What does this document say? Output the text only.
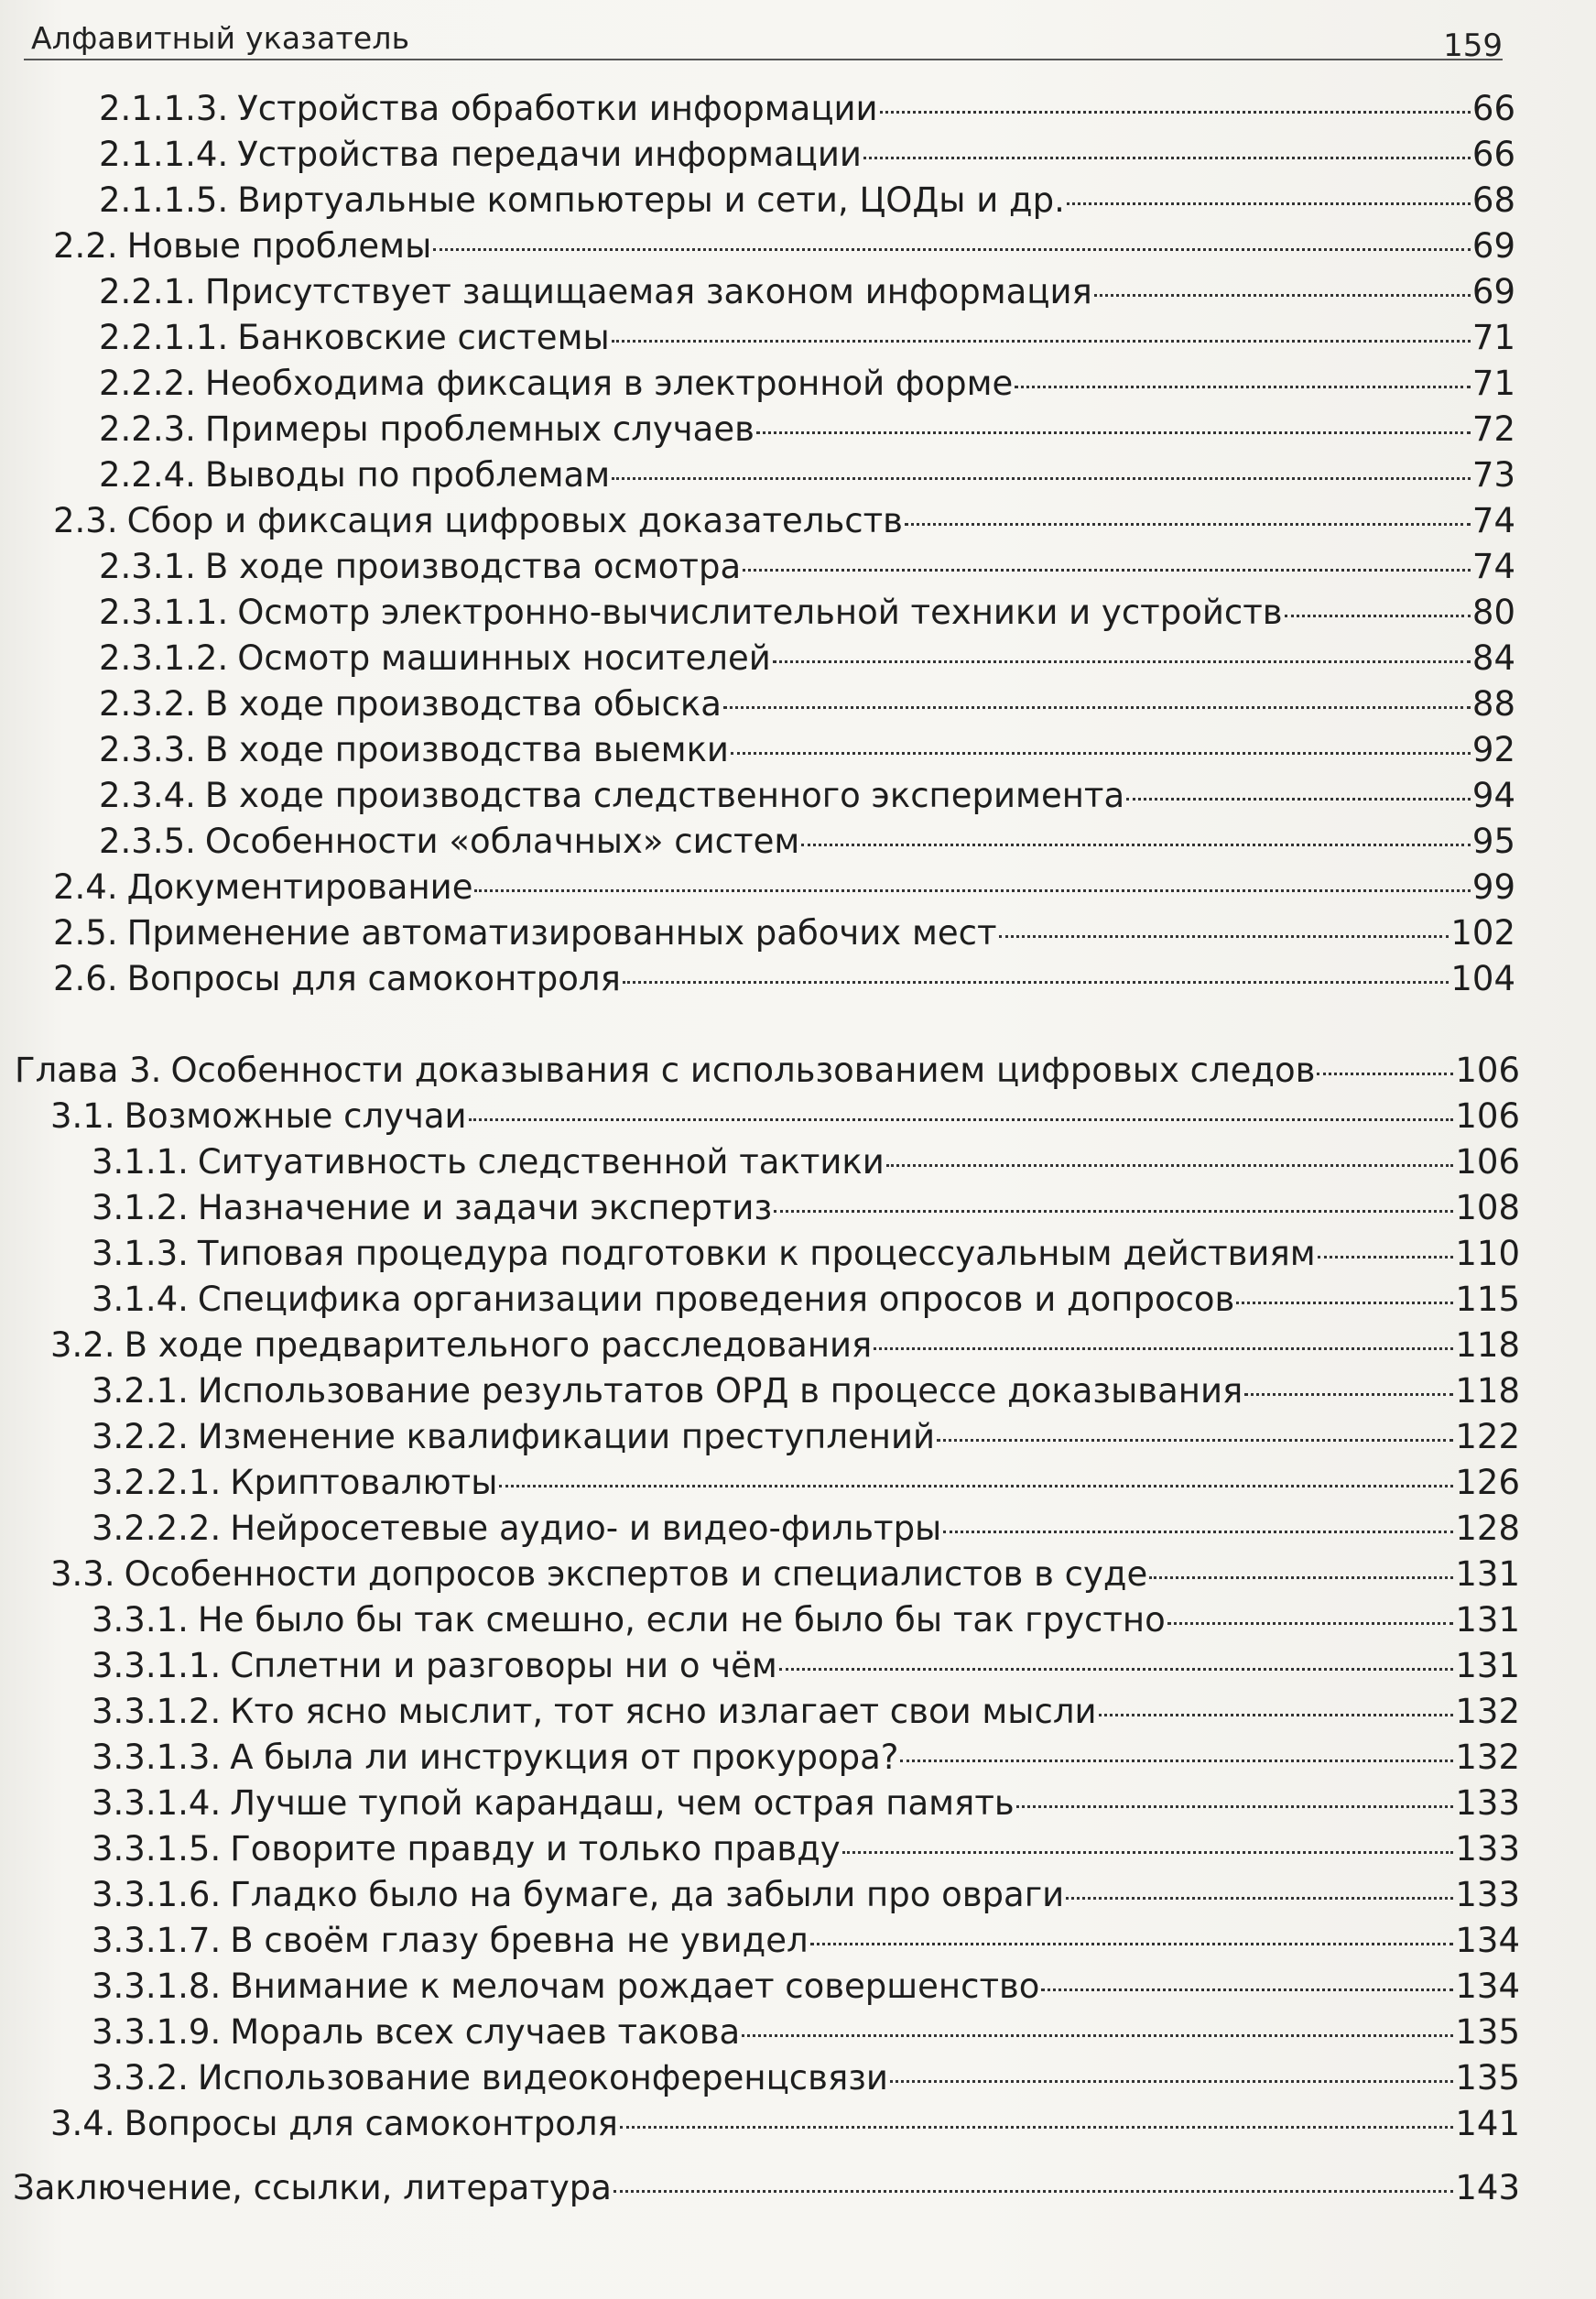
Алфавитный указатель	159
2.1.1.3. Устройства обработки информации	66
2.1.1.4. Устройства передачи информации	66
2.1.1.5. Виртуальные компьютеры и сети, ЦОДы и др.	68
2.2. Новые проблемы	69
2.2.1. Присутствует защищаемая законом информация	69
2.2.1.1. Банковские системы	71
2.2.2. Необходима фиксация в электронной форме	71
2.2.3. Примеры проблемных случаев	72
2.2.4. Выводы по проблемам	73
2.3. Сбор и фиксация цифровых доказательств	74
2.3.1. В ходе производства осмотра	74
2.3.1.1. Осмотр электронно-вычислительной техники и устройств	80
2.3.1.2. Осмотр машинных носителей	84
2.3.2. В ходе производства обыска	88
2.3.3. В ходе производства выемки	92
2.3.4. В ходе производства следственного эксперимента	94
2.3.5. Особенности «облачных» систем	95
2.4. Документирование	99
2.5. Применение автоматизированных рабочих мест	102
2.6. Вопросы для самоконтроля	104
Глава 3. Особенности доказывания с использованием цифровых следов	106
3.1. Возможные случаи	106
3.1.1. Ситуативность следственной тактики	106
3.1.2. Назначение и задачи экспертиз	108
3.1.3. Типовая процедура подготовки к процессуальным действиям	110
3.1.4. Специфика организации проведения опросов и допросов	115
3.2. В ходе предварительного расследования	118
3.2.1. Использование результатов ОРД в процессе доказывания	118
3.2.2. Изменение квалификации преступлений	122
3.2.2.1. Криптовалюты	126
3.2.2.2. Нейросетевые аудио- и видео-фильтры	128
3.3. Особенности допросов экспертов и специалистов в суде	131
3.3.1. Не было бы так смешно, если не было бы так грустно	131
3.3.1.1. Сплетни и разговоры ни о чём	131
3.3.1.2. Кто ясно мыслит, тот ясно излагает свои мысли	132
3.3.1.3. А была ли инструкция от прокурора?	132
3.3.1.4. Лучше тупой карандаш, чем острая память	133
3.3.1.5. Говорите правду и только правду	133
3.3.1.6. Гладко было на бумаге, да забыли про овраги	133
3.3.1.7. В своём глазу бревна не увидел	134
3.3.1.8. Внимание к мелочам рождает совершенство	134
3.3.1.9. Мораль всех случаев такова	135
3.3.2. Использование видеоконференцсвязи	135
3.4. Вопросы для самоконтроля	141
Заключение, ссылки, литература	143
